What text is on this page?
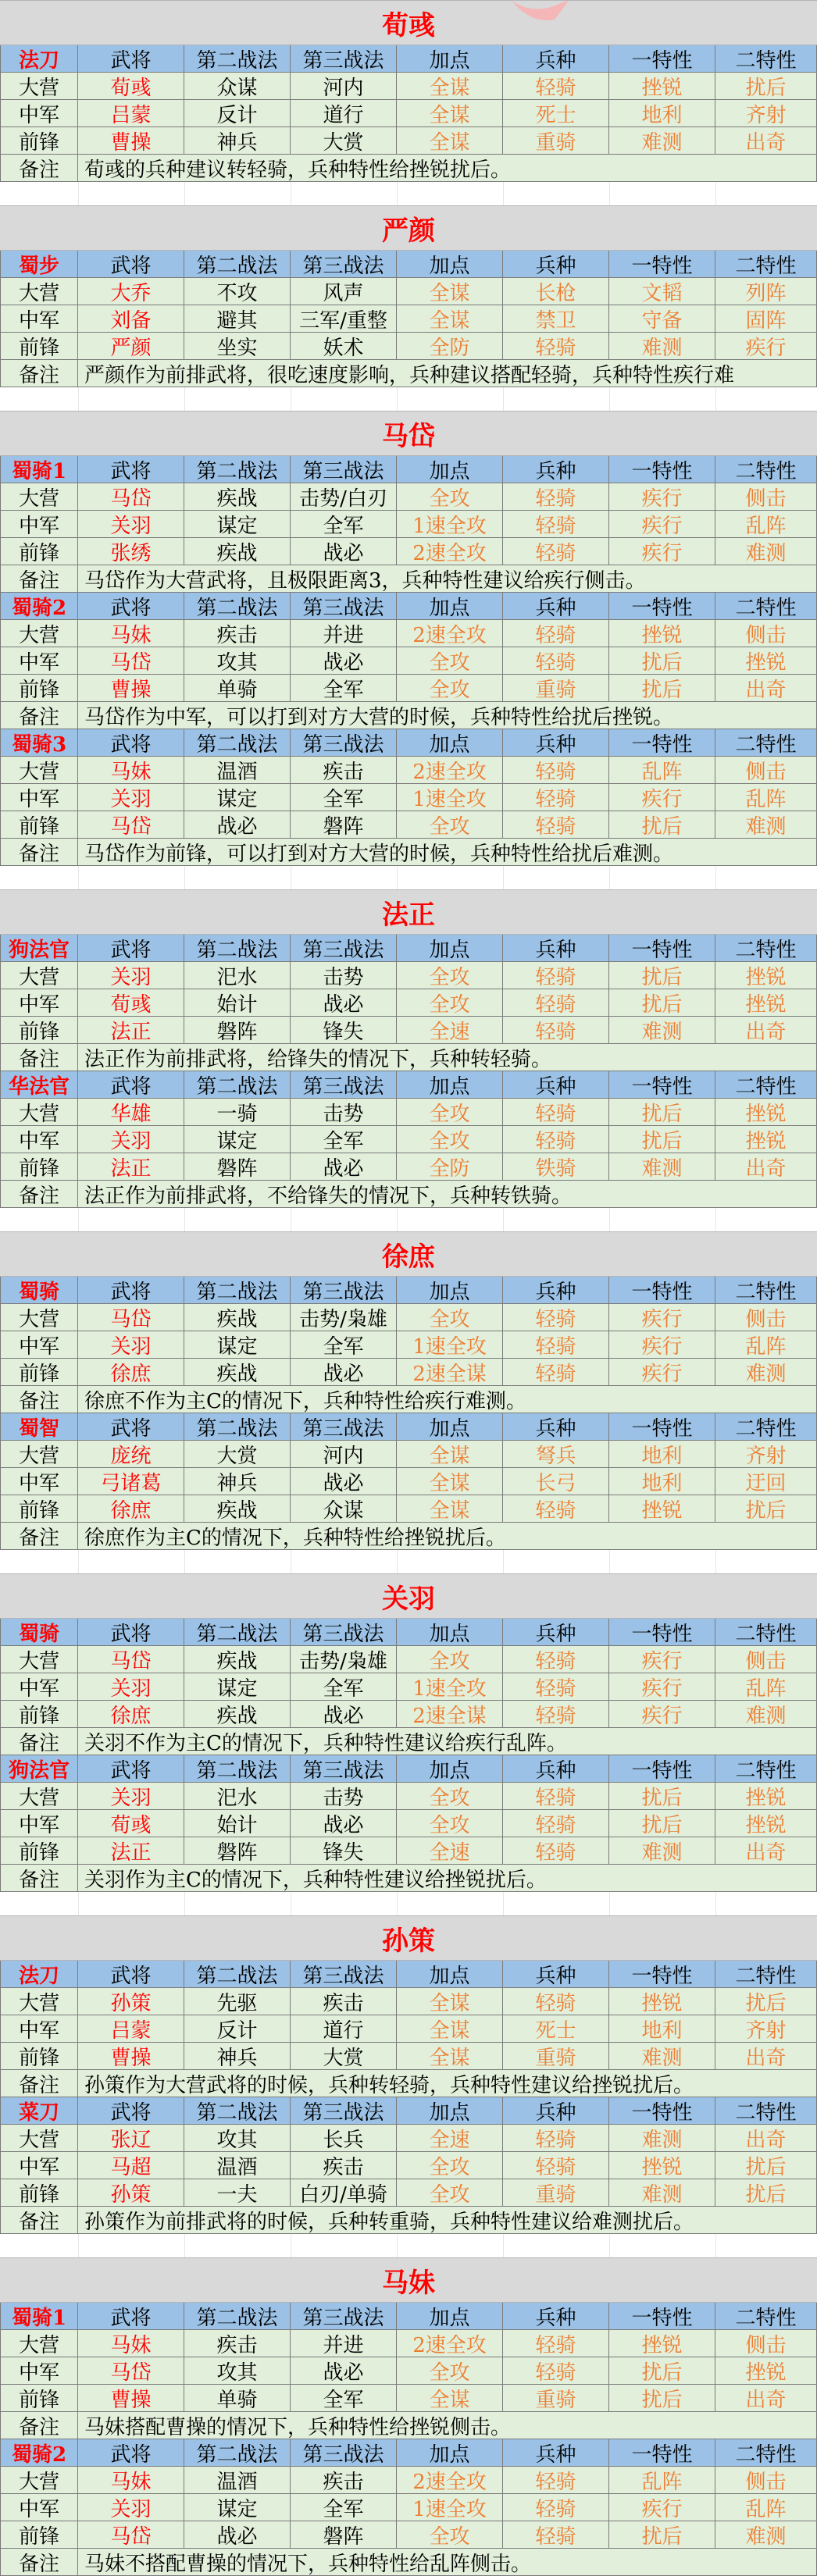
荀彧
法刀	武将	第二战法	第三战法	加点	兵种	一特性	二特性
大营	荀彧	众谋	河内	全谋	轻骑	挫锐	扰后
中军	吕蒙	反计	道行	全谋	死士	地利	齐射
前锋	曹操	神兵	大赏	全谋	重骑	难测	出奇
备注	荀彧的兵种建议转轻骑，兵种特性给挫锐扰后。
严颜
蜀步	武将	第二战法	第三战法	加点	兵种	一特性	二特性
大营	大乔	不攻	风声	全谋	长枪	文韬	列阵
中军	刘备	避其	三军/重整	全谋	禁卫	守备	固阵
前锋	严颜	坐实	妖术	全防	轻骑	难测	疾行
备注	严颜作为前排武将，很吃速度影响，兵种建议搭配轻骑，兵种特性疾行难
马岱
蜀骑1	武将	第二战法	第三战法	加点	兵种	一特性	二特性
大营	马岱	疾战	击势/白刃	全攻	轻骑	疾行	侧击
中军	关羽	谋定	全军	1速全攻	轻骑	疾行	乱阵
前锋	张绣	疾战	战必	2速全攻	轻骑	疾行	难测
备注	马岱作为大营武将，且极限距离3，兵种特性建议给疾行侧击。
蜀骑2	武将	第二战法	第三战法	加点	兵种	一特性	二特性
大营	马妹	疾击	并进	2速全攻	轻骑	挫锐	侧击
中军	马岱	攻其	战必	全攻	轻骑	扰后	挫锐
前锋	曹操	单骑	全军	全攻	重骑	扰后	出奇
备注	马岱作为中军，可以打到对方大营的时候，兵种特性给扰后挫锐。
蜀骑3	武将	第二战法	第三战法	加点	兵种	一特性	二特性
大营	马妹	温酒	疾击	2速全攻	轻骑	乱阵	侧击
中军	关羽	谋定	全军	1速全攻	轻骑	疾行	乱阵
前锋	马岱	战必	磐阵	全攻	轻骑	扰后	难测
备注	马岱作为前锋，可以打到对方大营的时候，兵种特性给扰后难测。
法正
狗法官	武将	第二战法	第三战法	加点	兵种	一特性	二特性
大营	关羽	汜水	击势	全攻	轻骑	扰后	挫锐
中军	荀彧	始计	战必	全攻	轻骑	扰后	挫锐
前锋	法正	磐阵	锋失	全速	轻骑	难测	出奇
备注	法正作为前排武将，给锋失的情况下，兵种转轻骑。
华法官	武将	第二战法	第三战法	加点	兵种	一特性	二特性
大营	华雄	一骑	击势	全攻	轻骑	扰后	挫锐
中军	关羽	谋定	全军	全攻	轻骑	扰后	挫锐
前锋	法正	磐阵	战必	全防	铁骑	难测	出奇
备注	法正作为前排武将，不给锋失的情况下，兵种转铁骑。
徐庶
蜀骑	武将	第二战法	第三战法	加点	兵种	一特性	二特性
大营	马岱	疾战	击势/枭雄	全攻	轻骑	疾行	侧击
中军	关羽	谋定	全军	1速全攻	轻骑	疾行	乱阵
前锋	徐庶	疾战	战必	2速全谋	轻骑	疾行	难测
备注	徐庶不作为主C的情况下，兵种特性给疾行难测。
蜀智	武将	第二战法	第三战法	加点	兵种	一特性	二特性
大营	庞统	大赏	河内	全谋	弩兵	地利	齐射
中军	弓诸葛	神兵	战必	全谋	长弓	地利	迂回
前锋	徐庶	疾战	众谋	全谋	轻骑	挫锐	扰后
备注	徐庶作为主C的情况下，兵种特性给挫锐扰后。
关羽
蜀骑	武将	第二战法	第三战法	加点	兵种	一特性	二特性
大营	马岱	疾战	击势/枭雄	全攻	轻骑	疾行	侧击
中军	关羽	谋定	全军	1速全攻	轻骑	疾行	乱阵
前锋	徐庶	疾战	战必	2速全谋	轻骑	疾行	难测
备注	关羽不作为主C的情况下，兵种特性建议给疾行乱阵。
狗法官	武将	第二战法	第三战法	加点	兵种	一特性	二特性
大营	关羽	汜水	击势	全攻	轻骑	扰后	挫锐
中军	荀彧	始计	战必	全攻	轻骑	扰后	挫锐
前锋	法正	磐阵	锋失	全速	轻骑	难测	出奇
备注	关羽作为主C的情况下，兵种特性建议给挫锐扰后。
孙策
法刀	武将	第二战法	第三战法	加点	兵种	一特性	二特性
大营	孙策	先驱	疾击	全谋	轻骑	挫锐	扰后
中军	吕蒙	反计	道行	全谋	死士	地利	齐射
前锋	曹操	神兵	大赏	全谋	重骑	难测	出奇
备注	孙策作为大营武将的时候，兵种转轻骑，兵种特性建议给挫锐扰后。
菜刀	武将	第二战法	第三战法	加点	兵种	一特性	二特性
大营	张辽	攻其	长兵	全速	轻骑	难测	出奇
中军	马超	温酒	疾击	全攻	轻骑	挫锐	扰后
前锋	孙策	一夫	白刃/单骑	全攻	重骑	难测	扰后
备注	孙策作为前排武将的时候，兵种转重骑，兵种特性建议给难测扰后。
马妹
蜀骑1	武将	第二战法	第三战法	加点	兵种	一特性	二特性
大营	马妹	疾击	并进	2速全攻	轻骑	挫锐	侧击
中军	马岱	攻其	战必	全攻	轻骑	扰后	挫锐
前锋	曹操	单骑	全军	全谋	重骑	扰后	出奇
备注	马妹搭配曹操的情况下，兵种特性给挫锐侧击。
蜀骑2	武将	第二战法	第三战法	加点	兵种	一特性	二特性
大营	马妹	温酒	疾击	2速全攻	轻骑	乱阵	侧击
中军	关羽	谋定	全军	1速全攻	轻骑	疾行	乱阵
前锋	马岱	战必	磐阵	全攻	轻骑	扰后	难测
备注	马妹不搭配曹操的情况下，兵种特性给乱阵侧击。
